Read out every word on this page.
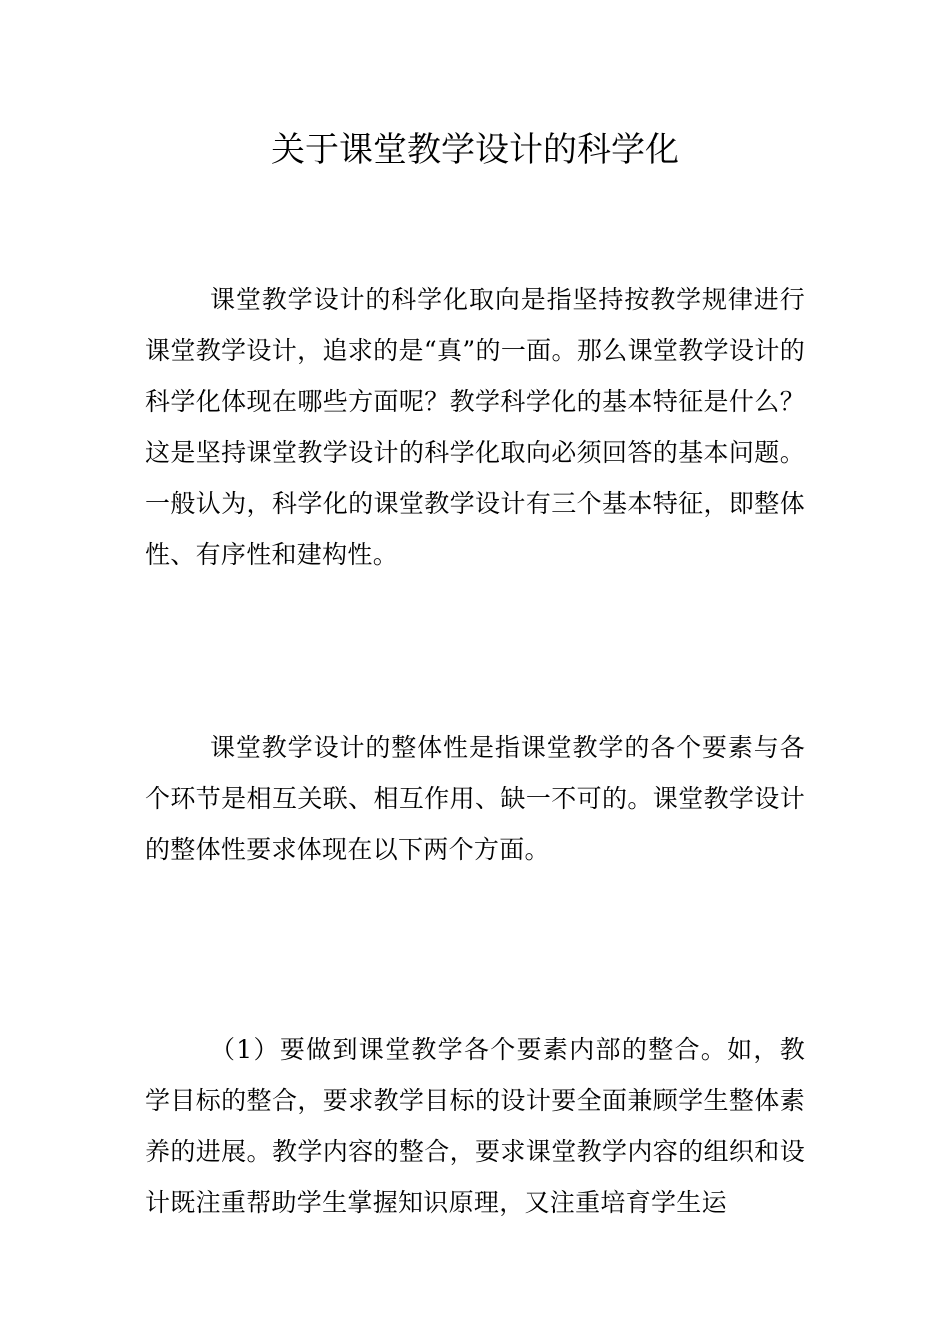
关于课堂教学设计的科学化

课堂教学设计的科学化取向是指坚持按教学规律进行课堂教学设计，追求的是“真”的一面。那么课堂教学设计的科学化体现在哪些方面呢？教学科学化的基本特征是什么？这是坚持课堂教学设计的科学化取向必须回答的基本问题。一般认为，科学化的课堂教学设计有三个基本特征，即整体性、有序性和建构性。

课堂教学设计的整体性是指课堂教学的各个要素与各个环节是相互关联、相互作用、缺一不可的。课堂教学设计的整体性要求体现在以下两个方面。

（1）要做到课堂教学各个要素内部的整合。如，教学目标的整合，要求教学目标的设计要全面兼顾学生整体素养的进展。教学内容的整合，要求课堂教学内容的组织和设计既注重帮助学生掌握知识原理，又注重培育学生运
